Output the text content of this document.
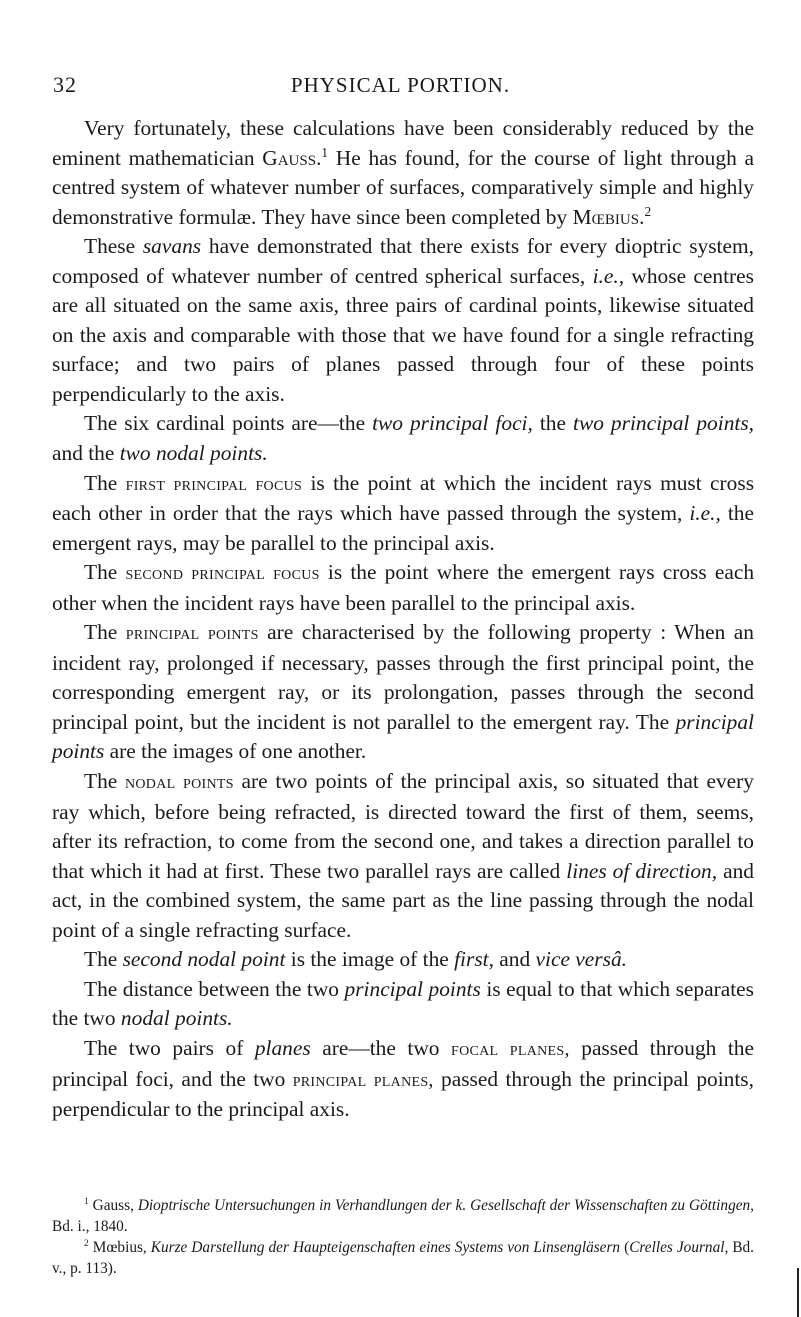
32	PHYSICAL PORTION.

Very fortunately, these calculations have been considerably reduced by the eminent mathematician Gauss.$^1$ He has found, for the course of light through a centred system of whatever number of surfaces, comparatively simple and highly demonstrative formulæ. They have since been completed by Mœbius.$^2$

These savans have demonstrated that there exists for every dioptric system, composed of whatever number of centred spherical surfaces, i.e., whose centres are all situated on the same axis, three pairs of cardinal points, likewise situated on the axis and comparable with those that we have found for a single refracting surface; and two pairs of planes passed through four of these points perpendicularly to the axis.

The six cardinal points are—the two principal foci, the two principal points, and the two nodal points.

The first principal focus is the point at which the incident rays must cross each other in order that the rays which have passed through the system, i.e., the emergent rays, may be parallel to the principal axis.

The second principal focus is the point where the emergent rays cross each other when the incident rays have been parallel to the principal axis.

The principal points are characterised by the following property : When an incident ray, prolonged if necessary, passes through the first principal point, the corresponding emergent ray, or its prolongation, passes through the second principal point, but the incident is not parallel to the emergent ray. The principal points are the images of one another.

The nodal points are two points of the principal axis, so situated that every ray which, before being refracted, is directed toward the first of them, seems, after its refraction, to come from the second one, and takes a direction parallel to that which it had at first. These two parallel rays are called lines of direction, and act, in the combined system, the same part as the line passing through the nodal point of a single refracting surface.

The second nodal point is the image of the first, and vice versâ.

The distance between the two principal points is equal to that which separates the two nodal points.

The two pairs of planes are—the two focal planes, passed through the principal foci, and the two principal planes, passed through the principal points, perpendicular to the principal axis.

$^1$ Gauss, Dioptrische Untersuchungen in Verhandlungen der k. Gesellschaft der Wissenschaften zu Göttingen, Bd. i., 1840.

$^2$ Mœbius, Kurze Darstellung der Haupteigenschaften eines Systems von Linsengläsern (Crelles Journal, Bd. v., p. 113).
